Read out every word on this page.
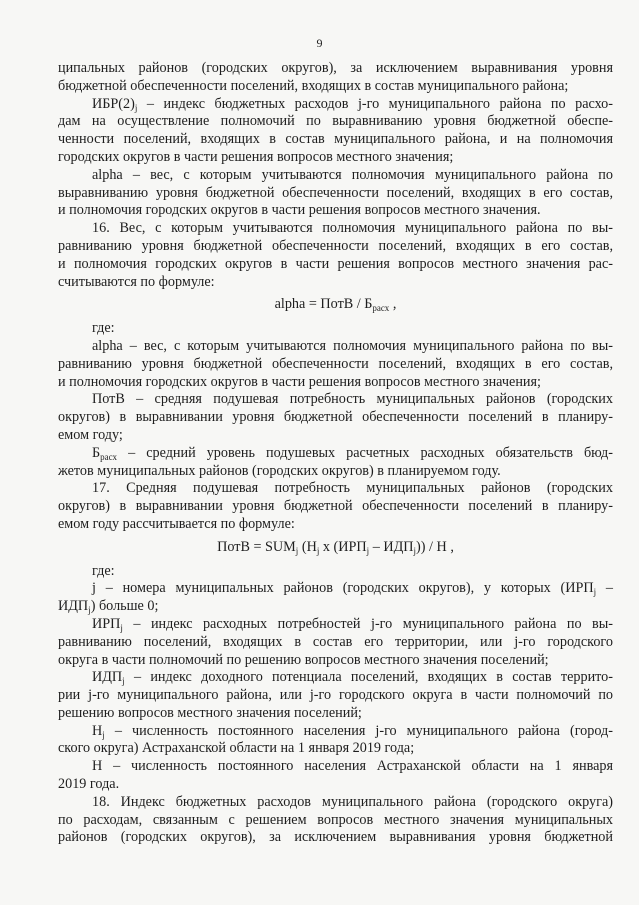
9
ципальных районов (городских округов), за исключением выравнивания уровня
бюджетной обеспеченности поселений, входящих в состав муниципального района;
$ИБР(2)_j$ – индекс бюджетных расходов j-го муниципального района по расхо-
дам на осуществление полномочий по выравниванию уровня бюджетной обеспе-
ченности поселений, входящих в состав муниципального района, и на полномочия
городских округов в части решения вопросов местного значения;
alpha – вес, с которым учитываются полномочия муниципального района по
выравниванию уровня бюджетной обеспеченности поселений, входящих в его состав,
и полномочия городских округов в части решения вопросов местного значения.
16. Вес, с которым учитываются полномочия муниципального района по вы-
равниванию уровня бюджетной обеспеченности поселений, входящих в его состав,
и полномочия городских округов в части решения вопросов местного значения рас-
считываются по формуле:
alpha = ПотВ / $Б_{расх}$ ,
где:
alpha – вес, с которым учитываются полномочия муниципального района по вы-
равниванию уровня бюджетной обеспеченности поселений, входящих в его состав,
и полномочия городских округов в части решения вопросов местного значения;
ПотВ – средняя подушевая потребность муниципальных районов (городских
округов) в выравнивании уровня бюджетной обеспеченности поселений в планиру-
емом году;
$Б_{расх}$ – средний уровень подушевых расчетных расходных обязательств бюд-
жетов муниципальных районов (городских округов) в планируемом году.
17. Средняя подушевая потребность муниципальных районов (городских
округов) в выравнивании уровня бюджетной обеспеченности поселений в планиру-
емом году рассчитывается по формуле:
ПотВ = $SUM_j$ ($Н_j$ x $(ИРП_j - ИДП_j)$) / Н ,
где:
j – номера муниципальных районов (городских округов), у которых ($ИРП_j$ –
$ИДП_j$) больше 0;
$ИРП_j$ – индекс расходных потребностей j-го муниципального района по вы-
равниванию поселений, входящих в состав его территории, или j-го городского
округа в части полномочий по решению вопросов местного значения поселений;
$ИДП_j$ – индекс доходного потенциала поселений, входящих в состав террито-
рии j-го муниципального района, или j-го городского округа в части полномочий по
решению вопросов местного значения поселений;
$Н_j$ – численность постоянного населения j-го муниципального района (город-
ского округа) Астраханской области на 1 января 2019 года;
Н – численность постоянного населения Астраханской области на 1 января
2019 года.
18. Индекс бюджетных расходов муниципального района (городского округа)
по расходам, связанным с решением вопросов местного значения муниципальных
районов (городских округов), за исключением выравнивания уровня бюджетной
